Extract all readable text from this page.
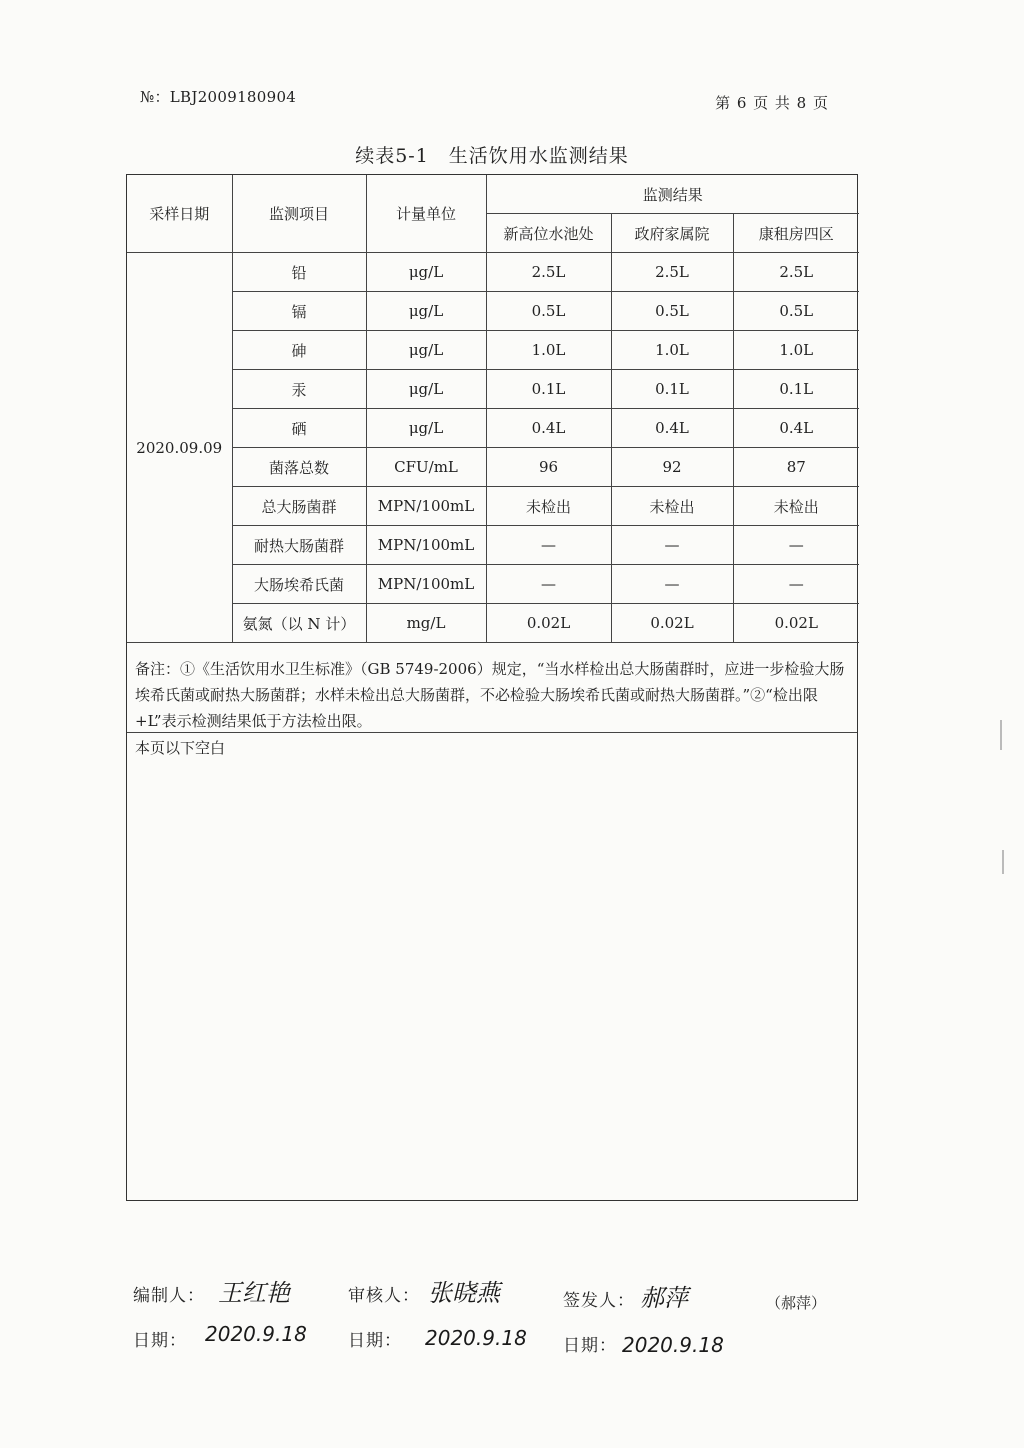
№：LBJ2009180904	第 6 页 共 8 页
续表5-1　生活饮用水监测结果
采样日期	监测项目	计量单位	监测结果		
			新高位水池处	政府家属院	康租房四区
2020.09.09	铅	μg/L	2.5L	2.5L	2.5L
	镉	μg/L	0.5L	0.5L	0.5L
	砷	μg/L	1.0L	1.0L	1.0L
	汞	μg/L	0.1L	0.1L	0.1L
	硒	μg/L	0.4L	0.4L	0.4L
	菌落总数	CFU/mL	96	92	87
	总大肠菌群	MPN/100mL	未检出	未检出	未检出
	耐热大肠菌群	MPN/100mL	—	—	—
	大肠埃希氏菌	MPN/100mL	—	—	—
	氨氮（以 N 计）	mg/L	0.02L	0.02L	0.02L
备注：①《生活饮用水卫生标准》（GB 5749-2006）规定，“当水样检出总大肠菌群时，应进一步检验大肠埃希氏菌或耐热大肠菌群；水样未检出总大肠菌群，不必检验大肠埃希氏菌或耐热大肠菌群。”②“检出限+L”表示检测结果低于方法检出限。
本页以下空白
编制人： 王红艳	审核人： 张晓燕	签发人： 郝萍	（郝萍）
日期： 2020.9.18 日期： 2020.9.18 日期： 2020.9.18
